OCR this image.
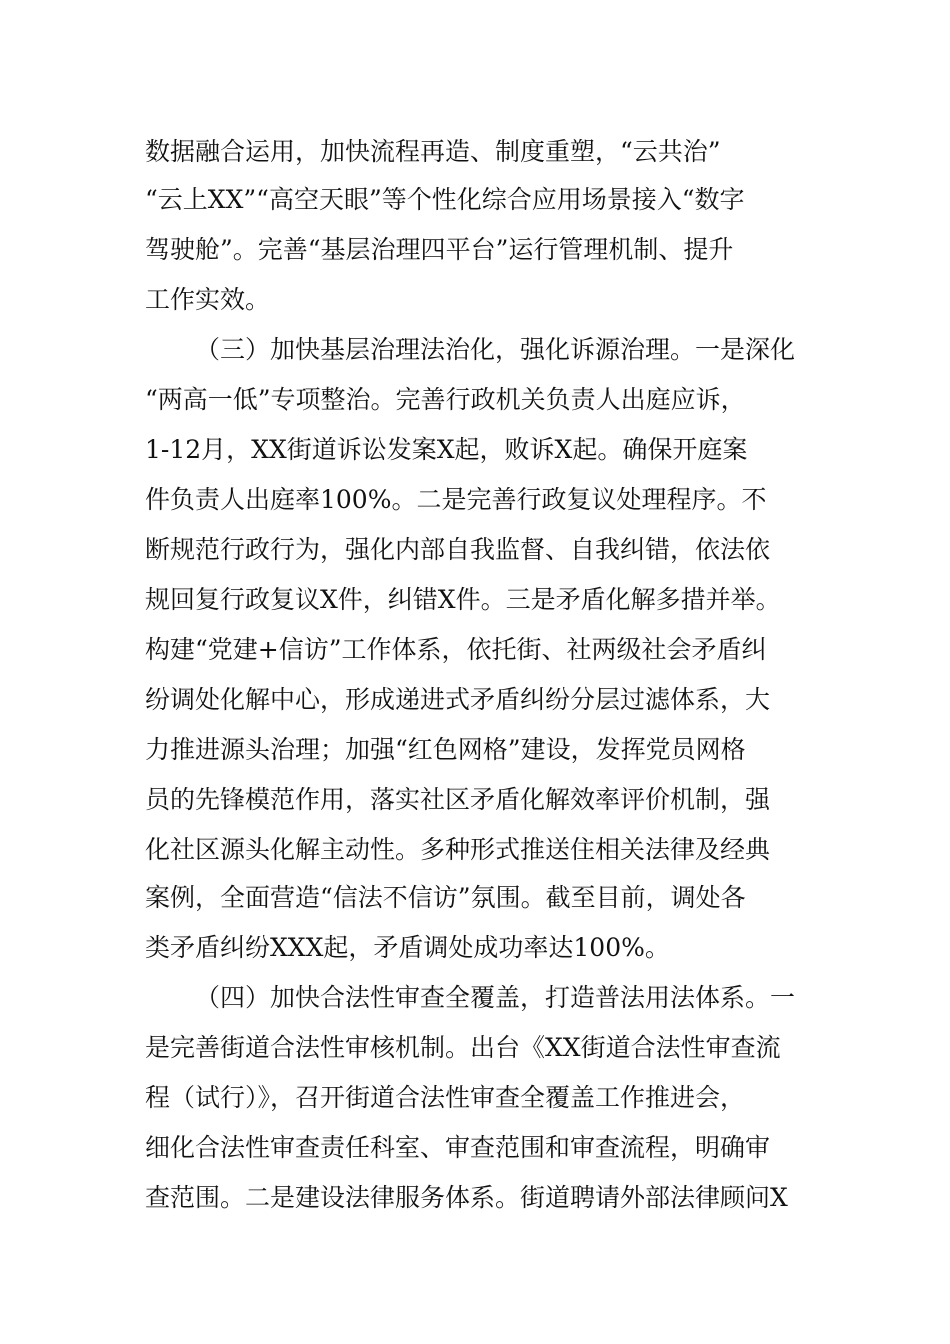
数据融合运用，加快流程再造、制度重塑，“云共治”
“云上XX”“高空天眼”等个性化综合应用场景接入“数字
驾驶舱”。完善“基层治理四平台”运行管理机制、提升
工作实效。
（三）加快基层治理法治化，强化诉源治理。一是深化
“两高一低”专项整治。完善行政机关负责人出庭应诉，
1-12月，XX街道诉讼发案X起，败诉X起。确保开庭案
件负责人出庭率100%。二是完善行政复议处理程序。不
断规范行政行为，强化内部自我监督、自我纠错，依法依
规回复行政复议X件，纠错X件。三是矛盾化解多措并举。
构建“党建+信访”工作体系，依托街、社两级社会矛盾纠
纷调处化解中心，形成递进式矛盾纠纷分层过滤体系，大
力推进源头治理；加强“红色网格”建设，发挥党员网格
员的先锋模范作用，落实社区矛盾化解效率评价机制，强
化社区源头化解主动性。多种形式推送住相关法律及经典
案例，全面营造“信法不信访”氛围。截至目前，调处各
类矛盾纠纷XXX起，矛盾调处成功率达100%。
（四）加快合法性审查全覆盖，打造普法用法体系。一
是完善街道合法性审核机制。出台《XX街道合法性审查流
程（试行）》，召开街道合法性审查全覆盖工作推进会，
细化合法性审查责任科室、审查范围和审查流程，明确审
查范围。二是建设法律服务体系。街道聘请外部法律顾问X
